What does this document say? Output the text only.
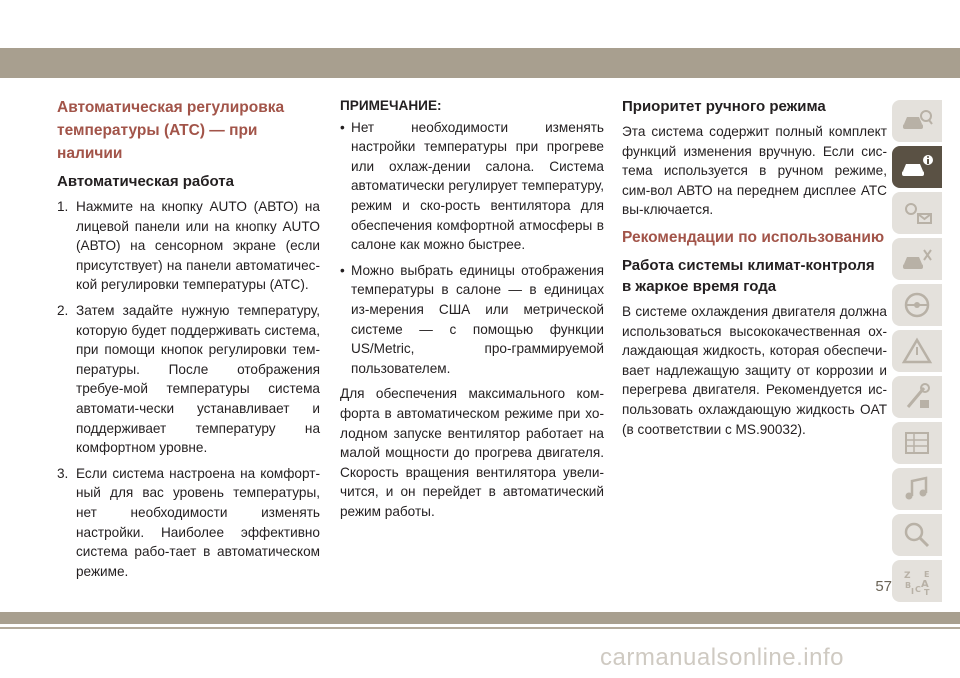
Автоматическая регулировка температуры (ATC) — при наличии
Автоматическая работа
1. Нажмите на кнопку AUTO (АВТО) на лицевой панели или на кнопку AUTO (АВТО) на сенсорном экране (если присутствует) на панели автоматичес-кой регулировки температуры (ATC).
2. Затем задайте нужную температуру, которую будет поддерживать система, при помощи кнопок регулировки тем-пературы. После отображения требуе-мой температуры система автомати-чески устанавливает и поддерживает температуру на комфортном уровне.
3. Если система настроена на комфорт-ный для вас уровень температуры, нет необходимости изменять настройки. Наиболее эффективно система рабо-тает в автоматическом режиме.
ПРИМЕЧАНИЕ:
• Нет необходимости изменять настройки температуры при прогреве или охлаж-дении салона. Система автоматически регулирует температуру, режим и ско-рость вентилятора для обеспечения комфортной атмосферы в салоне как можно быстрее.
• Можно выбрать единицы отображения температуры в салоне — в единицах из-мерения США или метрической системе — с помощью функции US/Metric, про-граммируемой пользователем.

Для обеспечения максимального ком-форта в автоматическом режиме при хо-лодном запуске вентилятор работает на малой мощности до прогрева двигателя. Скорость вращения вентилятора увели-чится, и он перейдет в автоматический режим работы.

Приоритет ручного режима

Эта система содержит полный комплект функций изменения вручную. Если сис-тема используется в ручном режиме, сим-вол АВТО на переднем дисплее ATC вы-ключается.

Рекомендации по использованию
Работа системы климат-контроля в жаркое время года

В системе охлаждения двигателя должна использоваться высококачественная ох-лаждающая жидкость, которая обеспечи-вает надлежащую защиту от коррозии и перегрева двигателя. Рекомендуется ис-пользовать охлаждающую жидкость OAT (в соответствии с MS.90032).

Z E
B A
I C T
57
carmanualsonline.info
